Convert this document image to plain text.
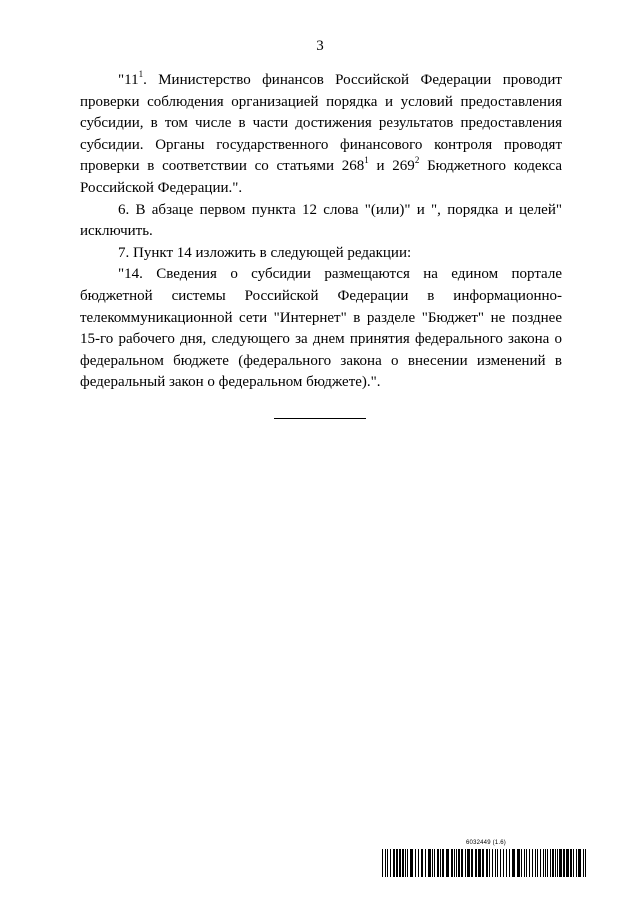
3

"$11^1$. Министерство финансов Российской Федерации проводит проверки соблюдения организацией порядка и условий предоставления субсидии, в том числе в части достижения результатов предоставления субсидии. Органы государственного финансового контроля проводят проверки в соответствии со статьями $268^1$ и $269^2$ Бюджетного кодекса Российской Федерации.".

6. В абзаце первом пункта 12 слова "(или)" и ", порядка и целей" исключить.

7. Пункт 14 изложить в следующей редакции:

"14. Сведения о субсидии размещаются на едином портале бюджетной системы Российской Федерации в информационно-телекоммуникационной сети "Интернет" в разделе "Бюджет" не позднее 15-го рабочего дня, следующего за днем принятия федерального закона о федеральном бюджете (федерального закона о внесении изменений в федеральный закон о федеральном бюджете).".

6032449 (1.6)
